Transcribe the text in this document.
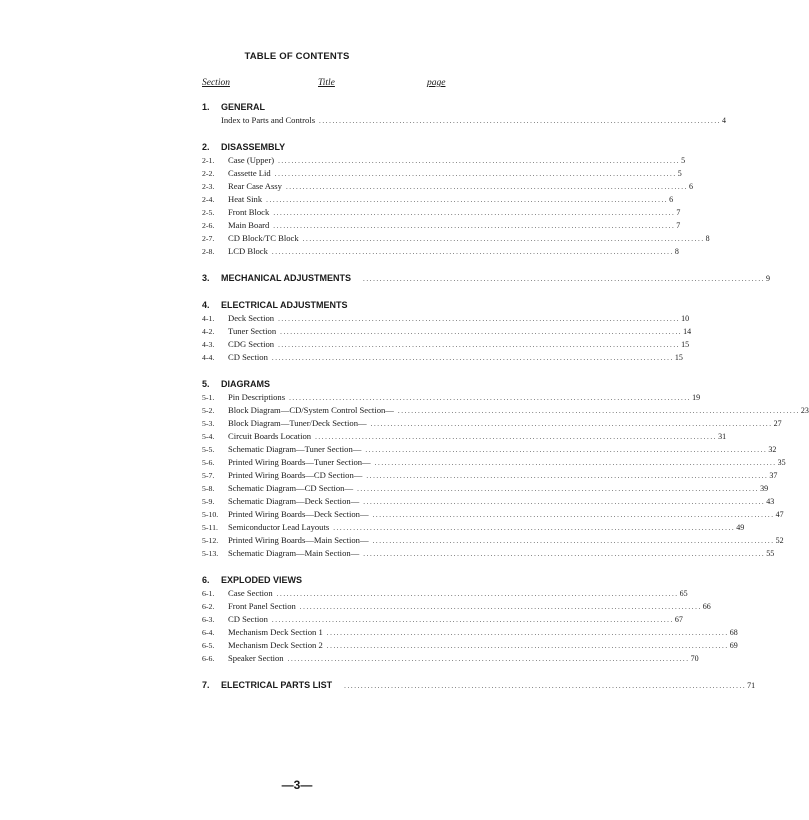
TABLE OF CONTENTS
Section	Title	page
1.	GENERAL
Index to Parts and Controls ........................................................................................................................ 4
2.	DISASSEMBLY
2-1.	Case (Upper) ........................................................................................................................ 5
2-2.	Cassette Lid ........................................................................................................................ 5
2-3.	Rear Case Assy ........................................................................................................................ 6
2-4.	Heat Sink ........................................................................................................................ 6
2-5.	Front Block ........................................................................................................................ 7
2-6.	Main Board ........................................................................................................................ 7
2-7.	CD Block/TC Block ........................................................................................................................ 8
2-8.	LCD Block ........................................................................................................................ 8
3.	MECHANICAL ADJUSTMENTS ........................................................................................................................ 9
4.	ELECTRICAL ADJUSTMENTS
4-1.	Deck Section ........................................................................................................................ 10
4-2.	Tuner Section ........................................................................................................................ 14
4-3.	CDG Section ........................................................................................................................ 15
4-4.	CD Section ........................................................................................................................ 15
5.	DIAGRAMS
5-1.	Pin Descriptions ........................................................................................................................ 19
5-2.	Block Diagram—CD/System Control Section— ........................................................................................................................ 23
5-3.	Block Diagram—Tuner/Deck Section— ........................................................................................................................ 27
5-4.	Circuit Boards Location ........................................................................................................................ 31
5-5.	Schematic Diagram—Tuner Section— ........................................................................................................................ 32
5-6.	Printed Wiring Boards—Tuner Section— ........................................................................................................................ 35
5-7.	Printed Wiring Boards—CD Section— ........................................................................................................................ 37
5-8.	Schematic Diagram—CD Section— ........................................................................................................................ 39
5-9.	Schematic Diagram—Deck Section— ........................................................................................................................ 43
5-10.	Printed Wiring Boards—Deck Section— ........................................................................................................................ 47
5-11.	Semiconductor Lead Layouts ........................................................................................................................ 49
5-12.	Printed Wiring Boards—Main Section— ........................................................................................................................ 52
5-13.	Schematic Diagram—Main Section— ........................................................................................................................ 55
6.	EXPLODED VIEWS
6-1.	Case Section ........................................................................................................................ 65
6-2.	Front Panel Section ........................................................................................................................ 66
6-3.	CD Section ........................................................................................................................ 67
6-4.	Mechanism Deck Section 1 ........................................................................................................................ 68
6-5.	Mechanism Deck Section 2 ........................................................................................................................ 69
6-6.	Speaker Section ........................................................................................................................ 70
7.	ELECTRICAL PARTS LIST ........................................................................................................................ 71
—3—
